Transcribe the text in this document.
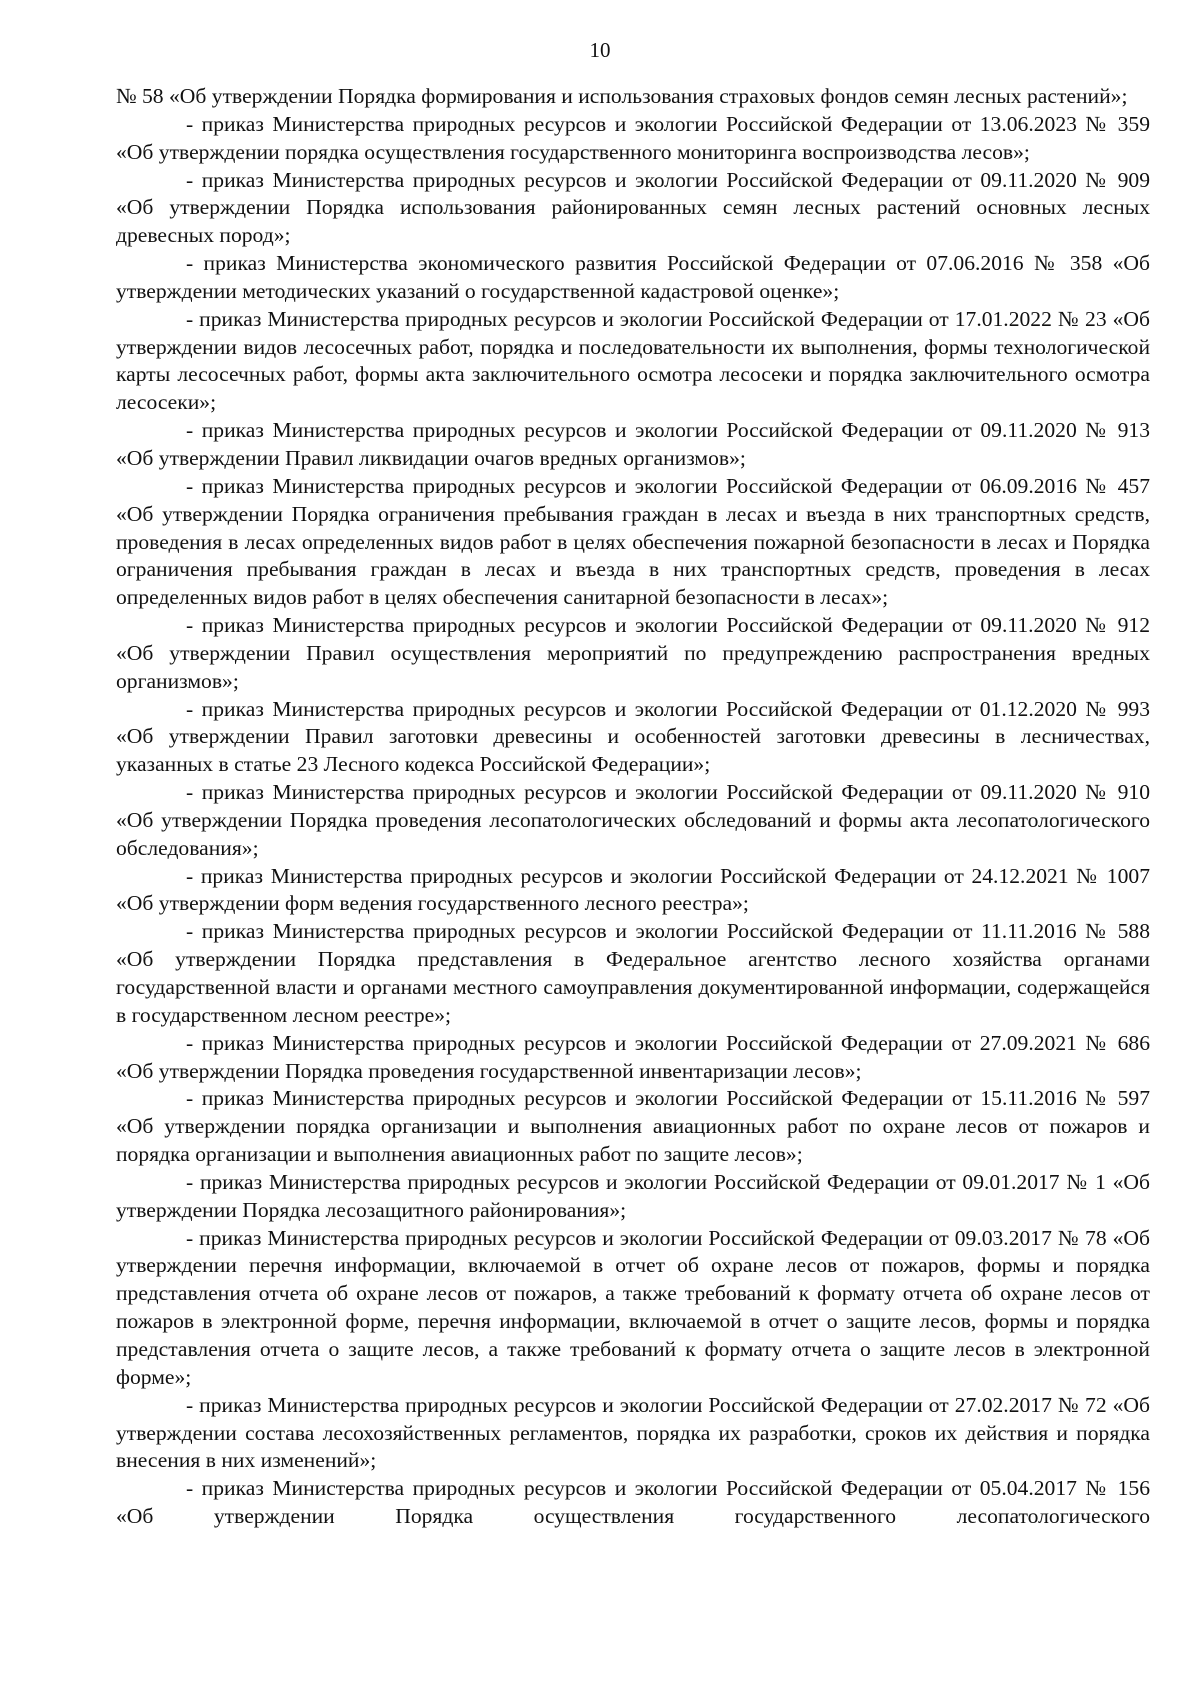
10

№ 58 «Об утверждении Порядка формирования и использования страховых фондов семян лесных растений»;

- приказ Министерства природных ресурсов и экологии Российской Федерации от 13.06.2023 № 359 «Об утверждении порядка осуществления государственного мониторинга воспроизводства лесов»;

- приказ Министерства природных ресурсов и экологии Российской Федерации от 09.11.2020 № 909 «Об утверждении Порядка использования районированных семян лесных растений основных лесных древесных пород»;

- приказ Министерства экономического развития Российской Федерации от 07.06.2016 № 358 «Об утверждении методических указаний о государственной кадастровой оценке»;

- приказ Министерства природных ресурсов и экологии Российской Федерации от 17.01.2022 № 23 «Об утверждении видов лесосечных работ, порядка и последовательности их выполнения, формы технологической карты лесосечных работ, формы акта заключительного осмотра лесосеки и порядка заключительного осмотра лесосеки»;

- приказ Министерства природных ресурсов и экологии Российской Федерации от 09.11.2020 № 913 «Об утверждении Правил ликвидации очагов вредных организмов»;

- приказ Министерства природных ресурсов и экологии Российской Федерации от 06.09.2016 № 457 «Об утверждении Порядка ограничения пребывания граждан в лесах и въезда в них транспортных средств, проведения в лесах определенных видов работ в целях обеспечения пожарной безопасности в лесах и Порядка ограничения пребывания граждан в лесах и въезда в них транспортных средств, проведения в лесах определенных видов работ в целях обеспечения санитарной безопасности в лесах»;

- приказ Министерства природных ресурсов и экологии Российской Федерации от 09.11.2020 № 912 «Об утверждении Правил осуществления мероприятий по предупреждению распространения вредных организмов»;

- приказ Министерства природных ресурсов и экологии Российской Федерации от 01.12.2020 № 993 «Об утверждении Правил заготовки древесины и особенностей заготовки древесины в лесничествах, указанных в статье 23 Лесного кодекса Российской Федерации»;

- приказ Министерства природных ресурсов и экологии Российской Федерации от 09.11.2020 № 910 «Об утверждении Порядка проведения лесопатологических обследований и формы акта лесопатологического обследования»;

- приказ Министерства природных ресурсов и экологии Российской Федерации от 24.12.2021 № 1007 «Об утверждении форм ведения государственного лесного реестра»;

- приказ Министерства природных ресурсов и экологии Российской Федерации от 11.11.2016 № 588 «Об утверждении Порядка представления в Федеральное агентство лесного хозяйства органами государственной власти и органами местного самоуправления документированной информации, содержащейся в государственном лесном реестре»;

- приказ Министерства природных ресурсов и экологии Российской Федерации от 27.09.2021 № 686 «Об утверждении Порядка проведения государственной инвентаризации лесов»;

- приказ Министерства природных ресурсов и экологии Российской Федерации от 15.11.2016 № 597 «Об утверждении порядка организации и выполнения авиационных работ по охране лесов от пожаров и порядка организации и выполнения авиационных работ по защите лесов»;

- приказ Министерства природных ресурсов и экологии Российской Федерации от 09.01.2017 № 1 «Об утверждении Порядка лесозащитного районирования»;

- приказ Министерства природных ресурсов и экологии Российской Федерации от 09.03.2017 № 78 «Об утверждении перечня информации, включаемой в отчет об охране лесов от пожаров, формы и порядка представления отчета об охране лесов от пожаров, а также требований к формату отчета об охране лесов от пожаров в электронной форме, перечня информации, включаемой в отчет о защите лесов, формы и порядка представления отчета о защите лесов, а также требований к формату отчета о защите лесов в электронной форме»;

- приказ Министерства природных ресурсов и экологии Российской Федерации от 27.02.2017 № 72 «Об утверждении состава лесохозяйственных регламентов, порядка их разработки, сроков их действия и порядка внесения в них изменений»;

- приказ Министерства природных ресурсов и экологии Российской Федерации от 05.04.2017 № 156 «Об утверждении Порядка осуществления государственного лесопатологического
